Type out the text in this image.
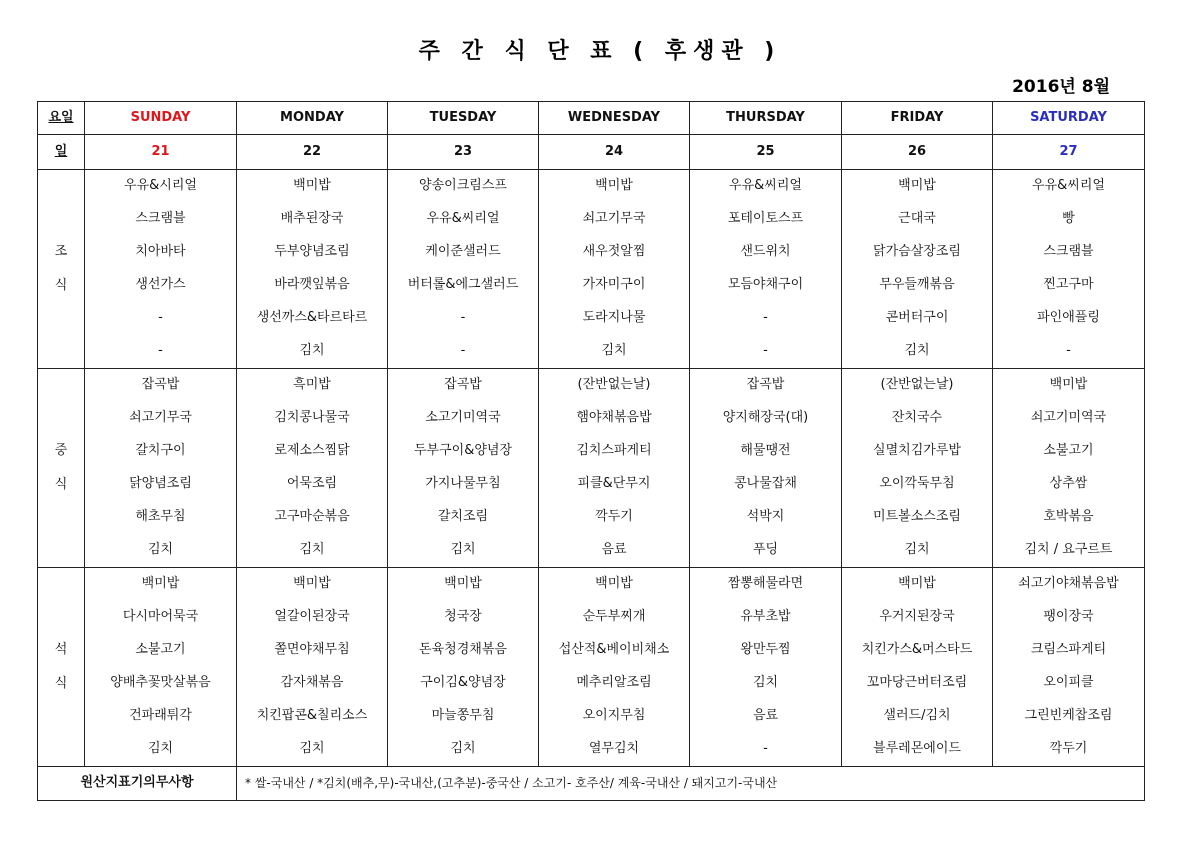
주 간 식 단 표 ( 후생관 )
2016년 8월
요일	SUNDAY	MONDAY	TUESDAY	WEDNESDAY	THURSDAY	FRIDAY	SATURDAY
일	21	22	23	24	25	26	27

조
식	우유&시리얼	백미밥	양송이크림스프	백미밥	우유&씨리얼	백미밥	우유&씨리얼
	스크램블	배추된장국	우유&씨리얼	쇠고기무국	포테이토스프	근대국	빵
	치아바타	두부양념조림	케이준샐러드	새우젓알찜	샌드위치	닭가슴살장조림	스크램블
	생선가스	바라깻잎볶음	버터롤&에그샐러드	가자미구이	모듬야채구이	무우들깨볶음	찐고구마
	-	생선까스&타르타르	-	도라지나물	-	콘버터구이	파인애플링
	-	김치	-	김치	-	김치	-

중
식	잡곡밥	흑미밥	잡곡밥	(잔반없는날)	잡곡밥	(잔반없는날)	백미밥
	쇠고기무국	김치콩나물국	소고기미역국	햄야채볶음밥	양지해장국(대)	잔치국수	쇠고기미역국
	갈치구이	로제소스찜닭	두부구이&양념장	김치스파게티	해물땡전	실멸치김가루밥	소불고기
	닭양념조림	어묵조림	가지나물무침	피클&단무지	콩나물잡채	오이깍둑무침	상추쌈
	해초무침	고구마순볶음	갈치조림	깍두기	석박지	미트볼소스조림	호박볶음
	김치	김치	김치	음료	푸딩	김치	김치 / 요구르트

석
식	백미밥	백미밥	백미밥	백미밥	짬뽕해물라면	백미밥	쇠고기야채볶음밥
	다시마어묵국	얼갈이된장국	청국장	순두부찌개	유부초밥	우거지된장국	팽이장국
	소불고기	쫄면야채무침	돈육청경채볶음	섭산적&베이비채소	왕만두찜	치킨가스&머스타드	크림스파게티
	양배추꽃맛살볶음	감자채볶음	구이김&양념장	메추리알조림	김치	꼬마당근버터조림	오이피클
	건파래튀각	치킨팝콘&칠리소스	마늘쫑무침	오이지무침	음료	샐러드/김치	그린빈케찹조림
	김치	김치	김치	열무김치	-	블루레몬에이드	깍두기
원산지표기의무사항		* 쌀-국내산 / *김치(배추,무)-국내산,(고추분)-중국산 / 소고기- 호주산/ 계육-국내산 / 돼지고기-국내산					
